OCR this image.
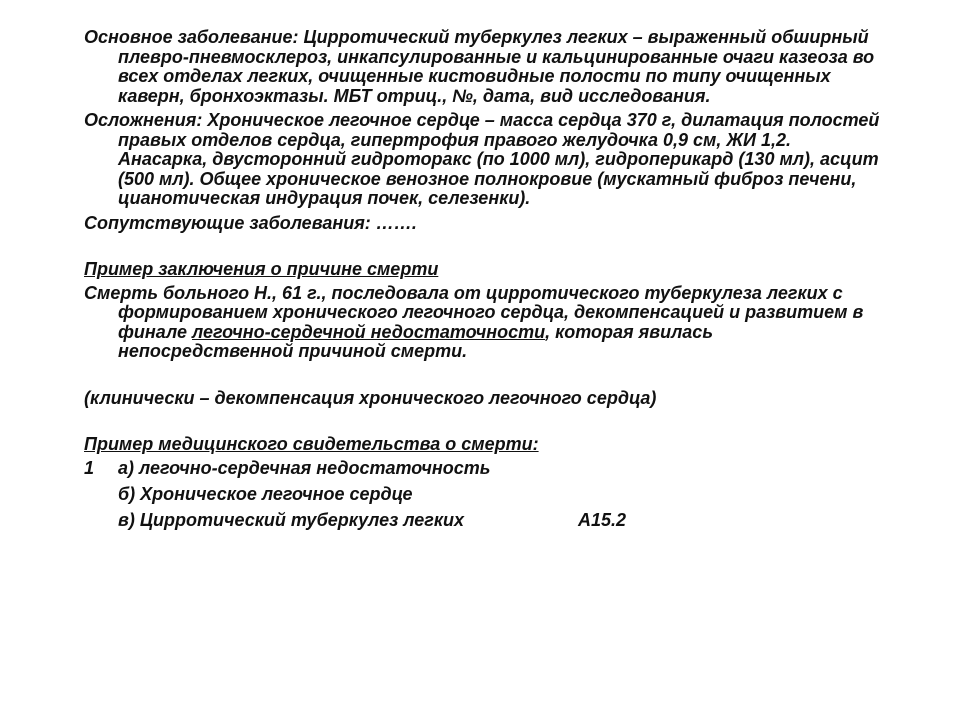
Основное заболевание: Цирротический туберкулез легких – выраженный обширный плевро-пневмосклероз, инкапсулированные и кальцинированные очаги казеоза во всех отделах легких, очищенные кистовидные полости по типу очищенных каверн, бронхоэктазы. МБТ отриц., №, дата, вид исследования.

Осложнения: Хроническое легочное сердце – масса сердца 370 г, дилатация полостей правых отделов сердца, гипертрофия правого желудочка 0,9 см, ЖИ 1,2. Анасарка, двусторонний гидроторакс (по 1000 мл), гидроперикард (130 мл), асцит (500 мл). Общее хроническое венозное полнокровие (мускатный фиброз печени, цианотическая индурация почек, селезенки).

Сопутствующие заболевания: …….

Пример заключения о причине смерти

Смерть больного Н., 61 г., последовала от цирротического туберкулеза легких с формированием хронического легочного сердца, декомпенсацией и развитием в финале легочно-сердечной недостаточности, которая явилась непосредственной причиной смерти.

(клинически – декомпенсация хронического легочного сердца)

Пример медицинского свидетельства о смерти:

1 а) легочно-сердечная недостаточность
б) Хроническое легочное сердце
в) Цирротический туберкулез легких	А15.2
